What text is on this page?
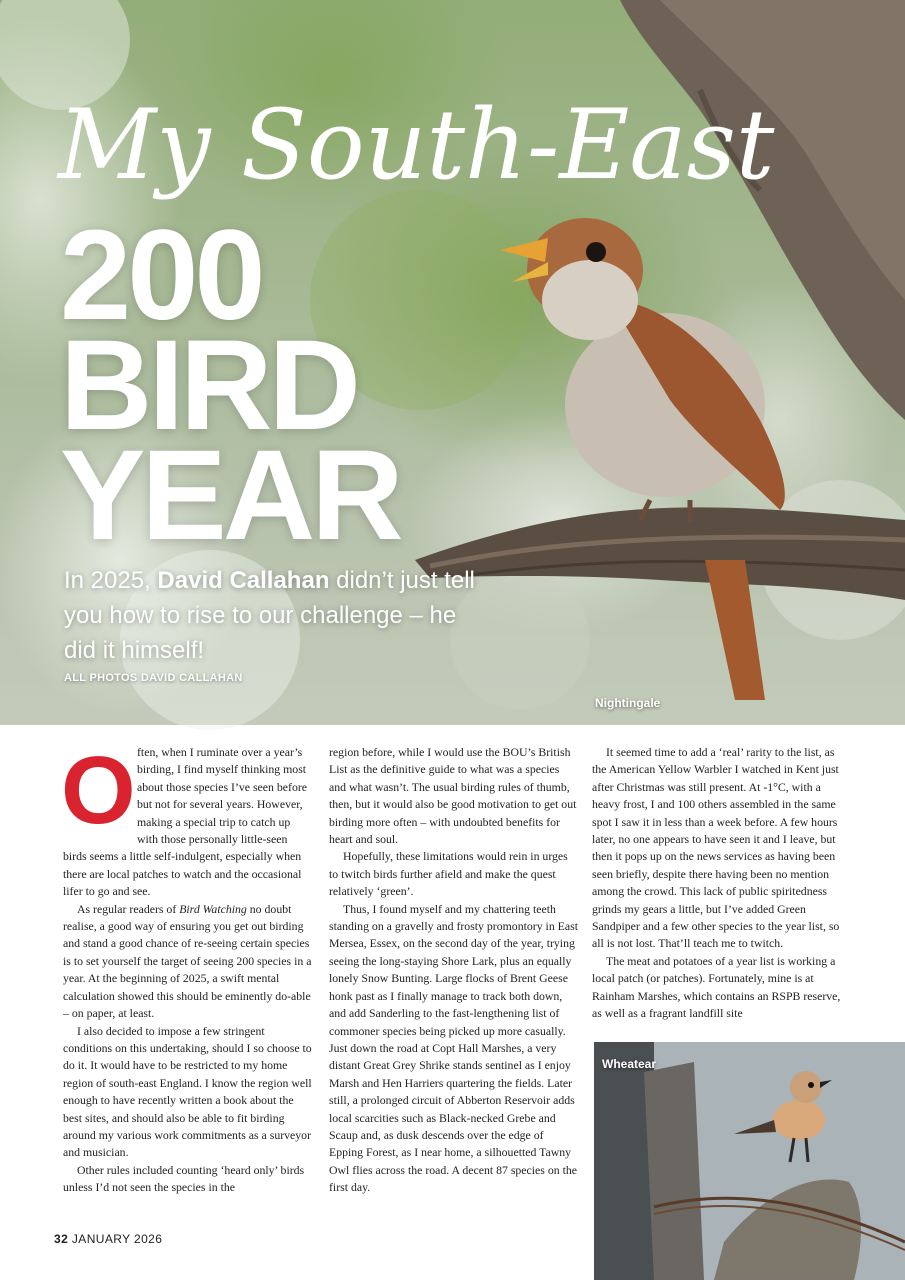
My South-East
200
BIRD
YEAR

In 2025, David Callahan didn’t just tell you how to rise to our challenge – he did it himself!

ALL PHOTOS DAVID CALLAHAN
Nightingale
O ften, when I ruminate over a year’s birding, I find myself thinking most about those species I’ve seen before but not for several years. However, making a special trip to catch up with those personally little-seen birds seems a little self-indulgent, especially when there are local patches to watch and the occasional lifer to go and see.

As regular readers of Bird Watching no doubt realise, a good way of ensuring you get out birding and stand a good chance of re-seeing certain species is to set yourself the target of seeing 200 species in a year. At the beginning of 2025, a swift mental calculation showed this should be eminently do-able – on paper, at least.

I also decided to impose a few stringent conditions on this undertaking, should I so choose to do it. It would have to be restricted to my home region of south-east England. I know the region well enough to have recently written a book about the best sites, and should also be able to fit birding around my various work commitments as a surveyor and musician.

Other rules included counting ‘heard only’ birds unless I’d not seen the species in the

region before, while I would use the BOU’s British List as the definitive guide to what was a species and what wasn’t. The usual birding rules of thumb, then, but it would also be good motivation to get out birding more often – with undoubted benefits for heart and soul.

Hopefully, these limitations would rein in urges to twitch birds further afield and make the quest relatively ‘green’.

Thus, I found myself and my chattering teeth standing on a gravelly and frosty promontory in East Mersea, Essex, on the second day of the year, trying seeing the long-staying Shore Lark, plus an equally lonely Snow Bunting. Large flocks of Brent Geese honk past as I finally manage to track both down, and add Sanderling to the fast-lengthening list of commoner species being picked up more casually. Just down the road at Copt Hall Marshes, a very distant Great Grey Shrike stands sentinel as I enjoy Marsh and Hen Harriers quartering the fields. Later still, a prolonged circuit of Abberton Reservoir adds local scarcities such as Black-necked Grebe and Scaup and, as dusk descends over the edge of Epping Forest, as I near home, a silhouetted Tawny Owl flies across the road. A decent 87 species on the first day.

It seemed time to add a ‘real’ rarity to the list, as the American Yellow Warbler I watched in Kent just after Christmas was still present. At -1°C, with a heavy frost, I and 100 others assembled in the same spot I saw it in less than a week before. A few hours later, no one appears to have seen it and I leave, but then it pops up on the news services as having been seen briefly, despite there having been no mention among the crowd. This lack of public spiritedness grinds my gears a little, but I’ve added Green Sandpiper and a few other species to the year list, so all is not lost. That’ll teach me to twitch.

The meat and potatoes of a year list is working a local patch (or patches). Fortunately, mine is at Rainham Marshes, which contains an RSPB reserve, as well as a fragrant landfill site

Wheatear
32 JANUARY 2026
